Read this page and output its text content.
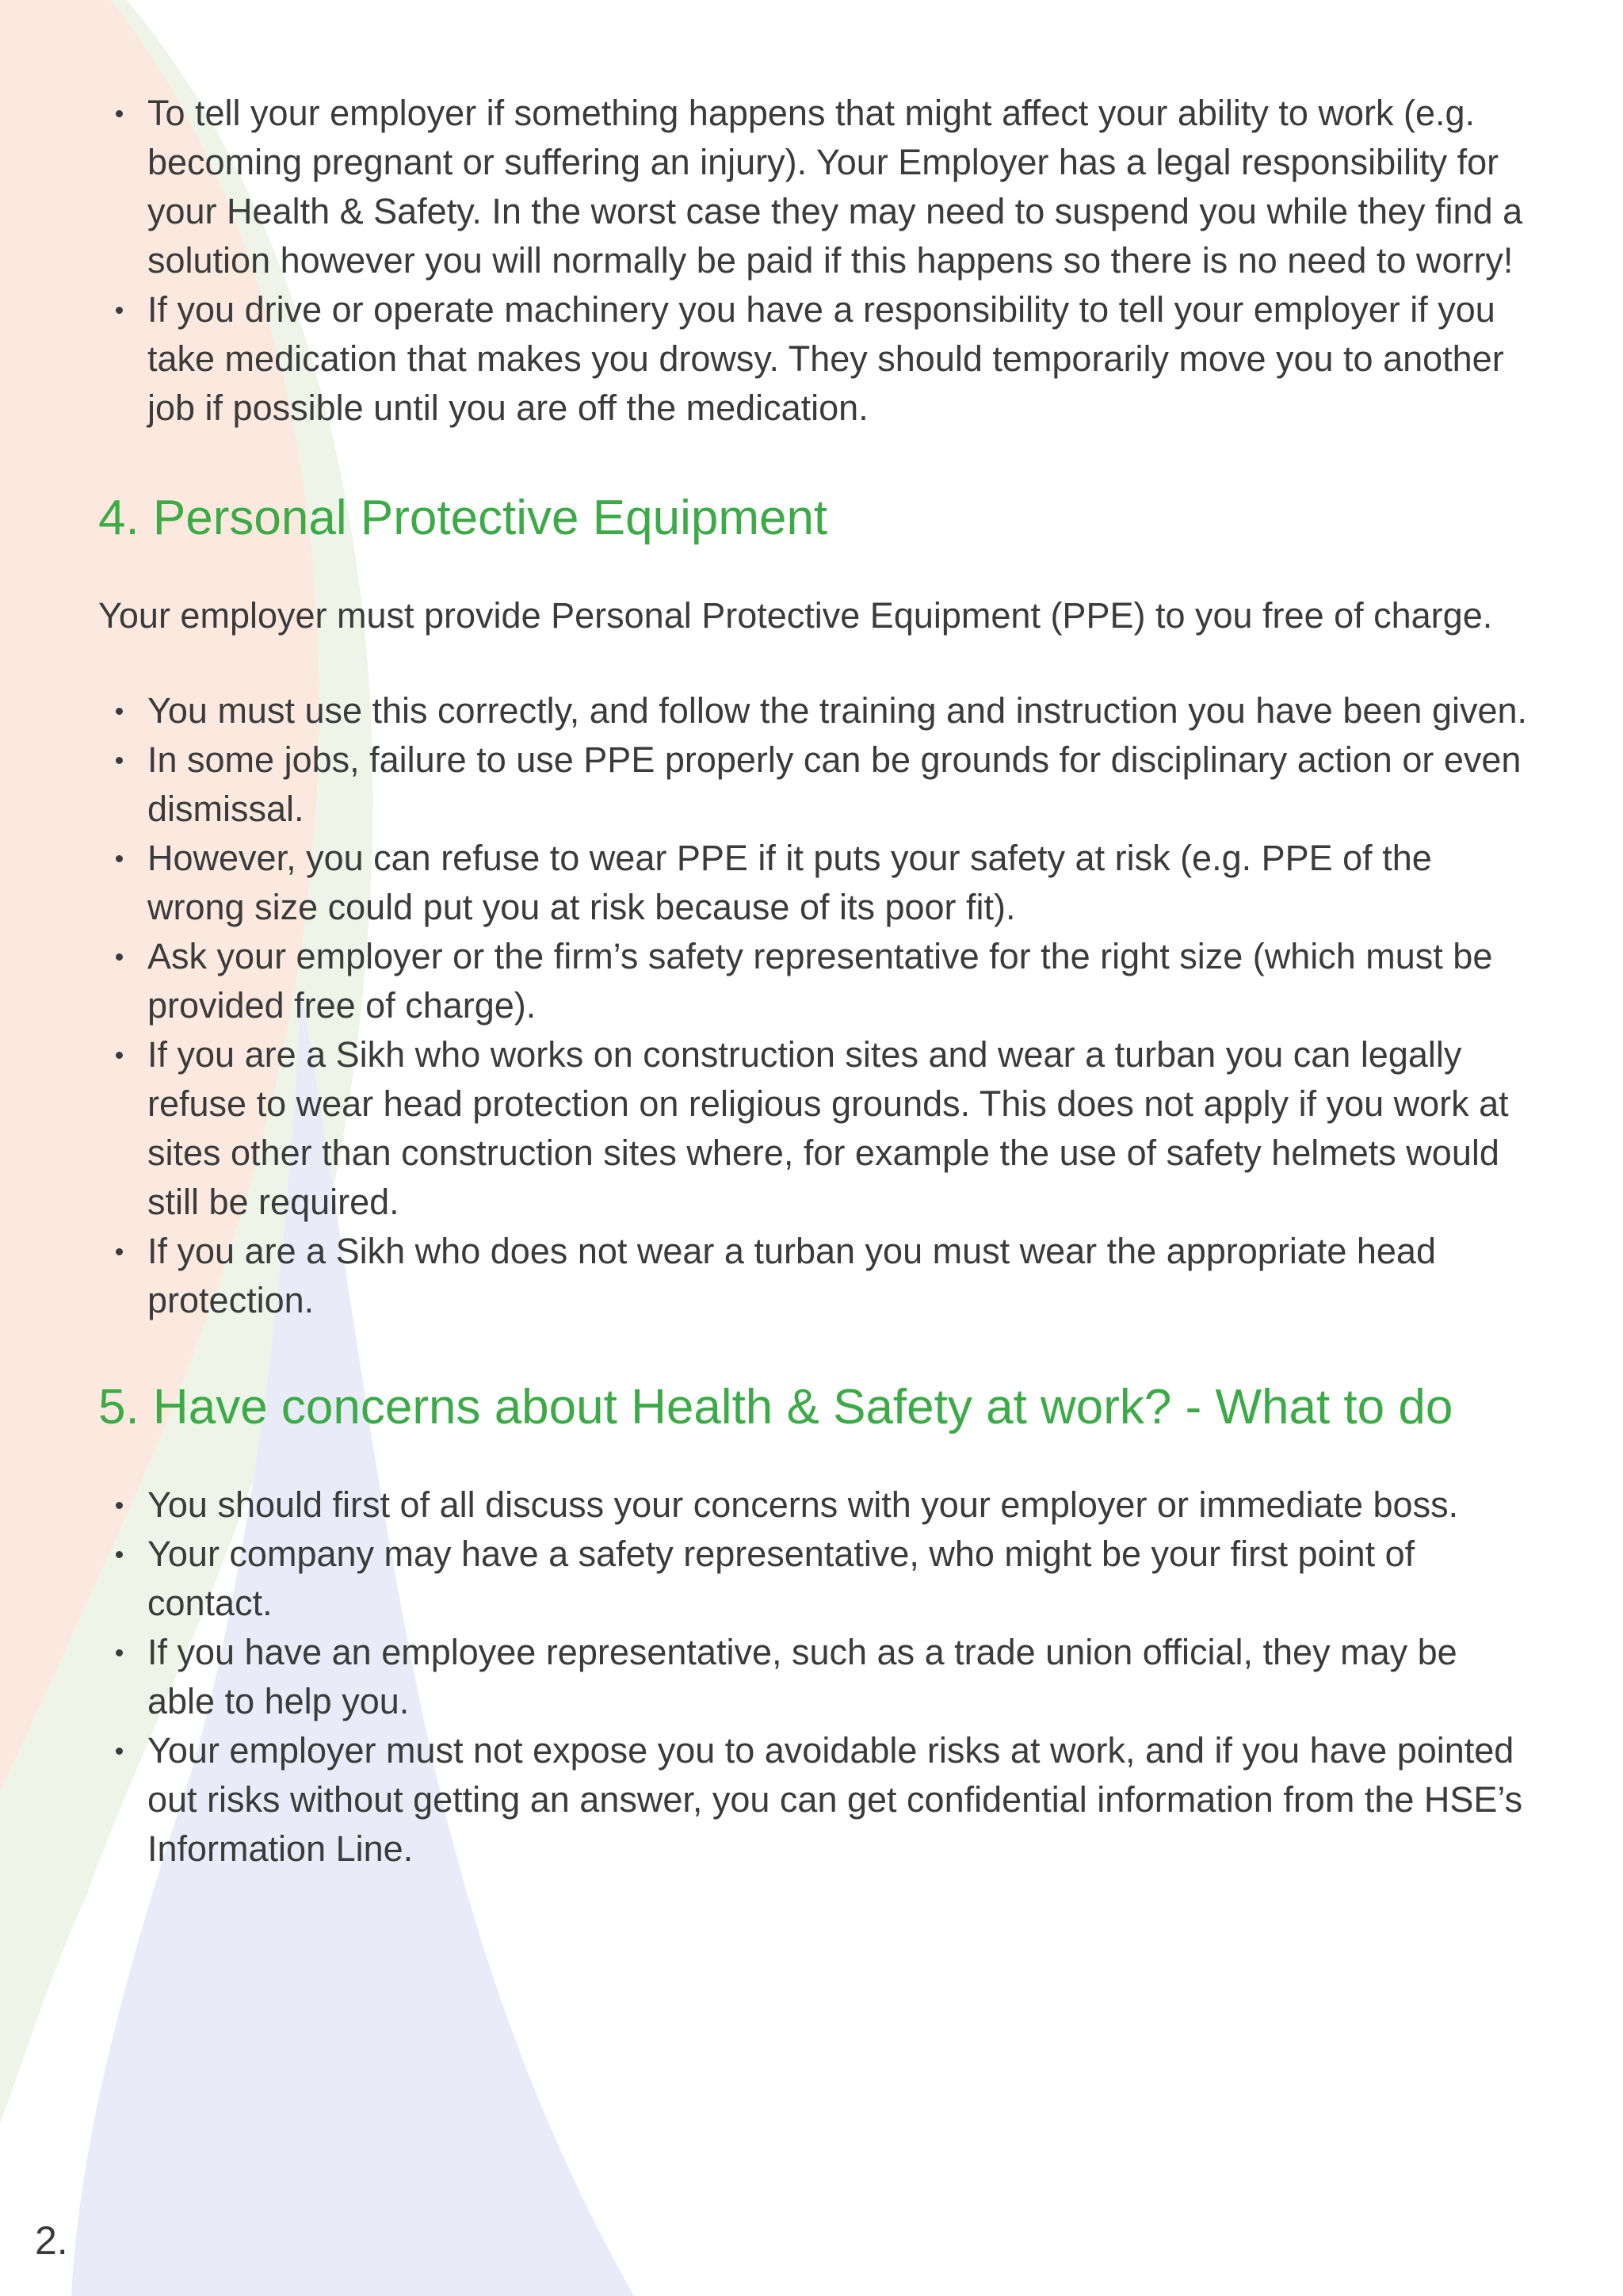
To tell your employer if something happens that might affect your ability to work (e.g. becoming pregnant or suffering an injury). Your Employer has a legal responsibility for your Health & Safety. In the worst case they may need to suspend you while they find a solution however you will normally be paid if this happens so there is no need to worry!
If you drive or operate machinery you have a responsibility to tell your employer if you take medication that makes you drowsy. They should temporarily move you to another job if possible until you are off the medication.
4. Personal Protective Equipment

Your employer must provide Personal Protective Equipment (PPE) to you free of charge.

You must use this correctly, and follow the training and instruction you have been given.
In some jobs, failure to use PPE properly can be grounds for disciplinary action or even dismissal.
However, you can refuse to wear PPE if it puts your safety at risk (e.g. PPE of the wrong size could put you at risk because of its poor fit).
Ask your employer or the firm’s safety representative for the right size (which must be provided free of charge).
If you are a Sikh who works on construction sites and wear a turban you can legally refuse to wear head protection on religious grounds. This does not apply if you work at sites other than construction sites where, for example the use of safety helmets would still be required.
If you are a Sikh who does not wear a turban you must wear the appropriate head protection.
5. Have concerns about Health & Safety at work? - What to do
You should first of all discuss your concerns with your employer or immediate boss.
Your company may have a safety representative, who might be your first point of contact.
If you have an employee representative, such as a trade union official, they may be able to help you.
Your employer must not expose you to avoidable risks at work, and if you have pointed out risks without getting an answer, you can get confidential information from the HSE’s Information Line.
2.
